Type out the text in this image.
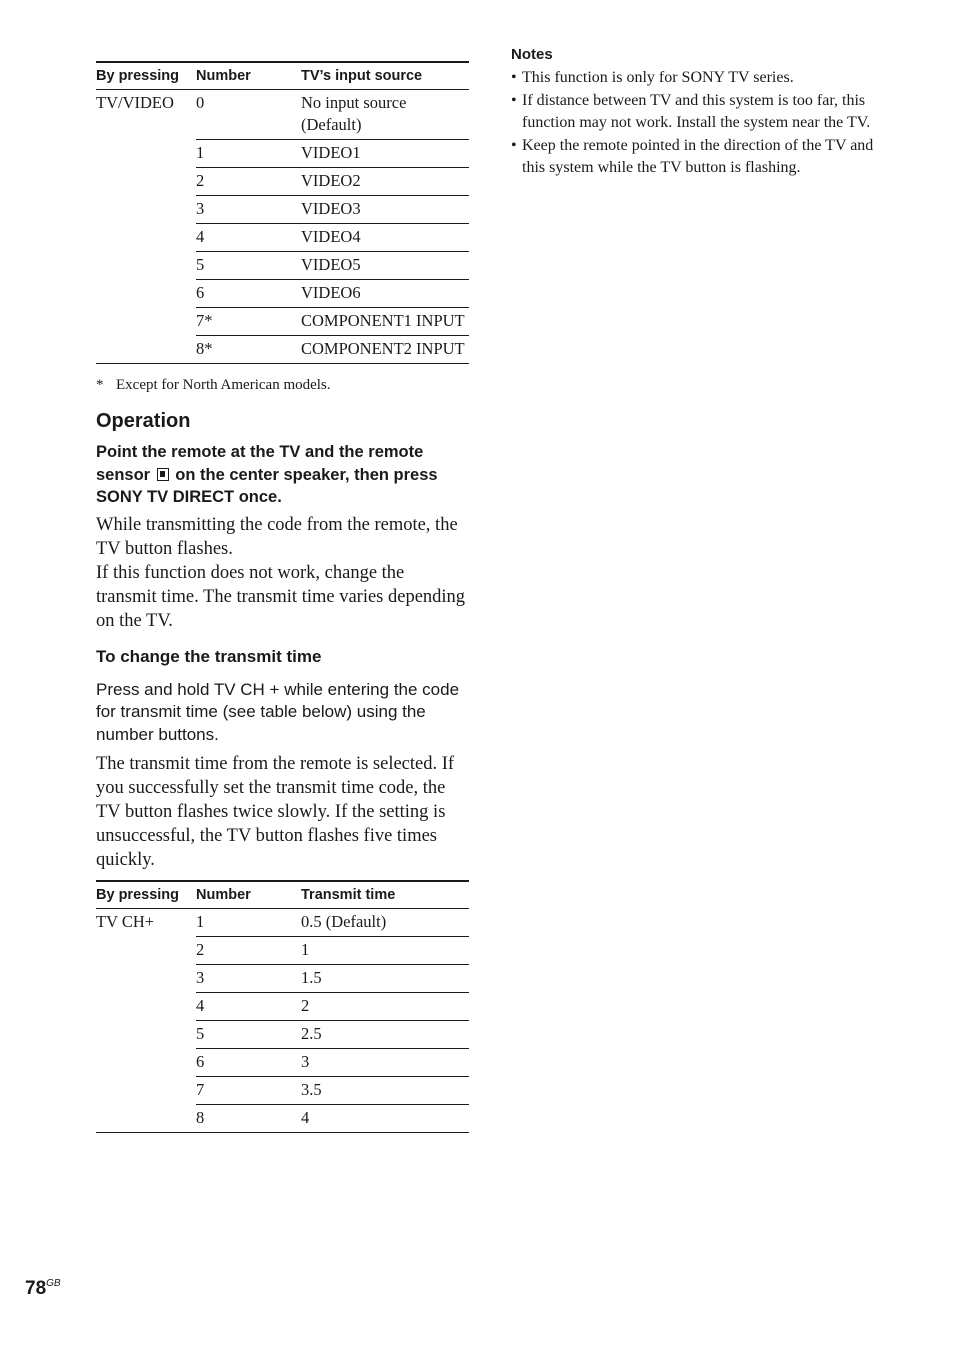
By pressing	Number	TV’s input source
TV/VIDEO	0	No input source (Default)
	1	VIDEO1
	2	VIDEO2
	3	VIDEO3
	4	VIDEO4
	5	VIDEO5
	6	VIDEO6
	7*	COMPONENT1 INPUT
	8*	COMPONENT2 INPUT
* Except for North American models.
Operation

Point the remote at the TV and the remote sensor on the center speaker, then press SONY TV DIRECT once.

While transmitting the code from the remote, the TV button flashes.

If this function does not work, change the transmit time. The transmit time varies depending on the TV.

To change the transmit time

Press and hold TV CH + while entering the code for transmit time (see table below) using the number buttons.

The transmit time from the remote is selected. If you successfully set the transmit time code, the TV button flashes twice slowly. If the setting is unsuccessful, the TV button flashes five times quickly.

By pressing	Number	Transmit time
TV CH+	1	0.5 (Default)
	2	1
	3	1.5
	4	2
	5	2.5
	6	3
	7	3.5
	8	4
Notes
• This function is only for SONY TV series.
• If distance between TV and this system is too far, this function may not work. Install the system near the TV.
• Keep the remote pointed in the direction of the TV and this system while the TV button is flashing.
$78^{GB}$
